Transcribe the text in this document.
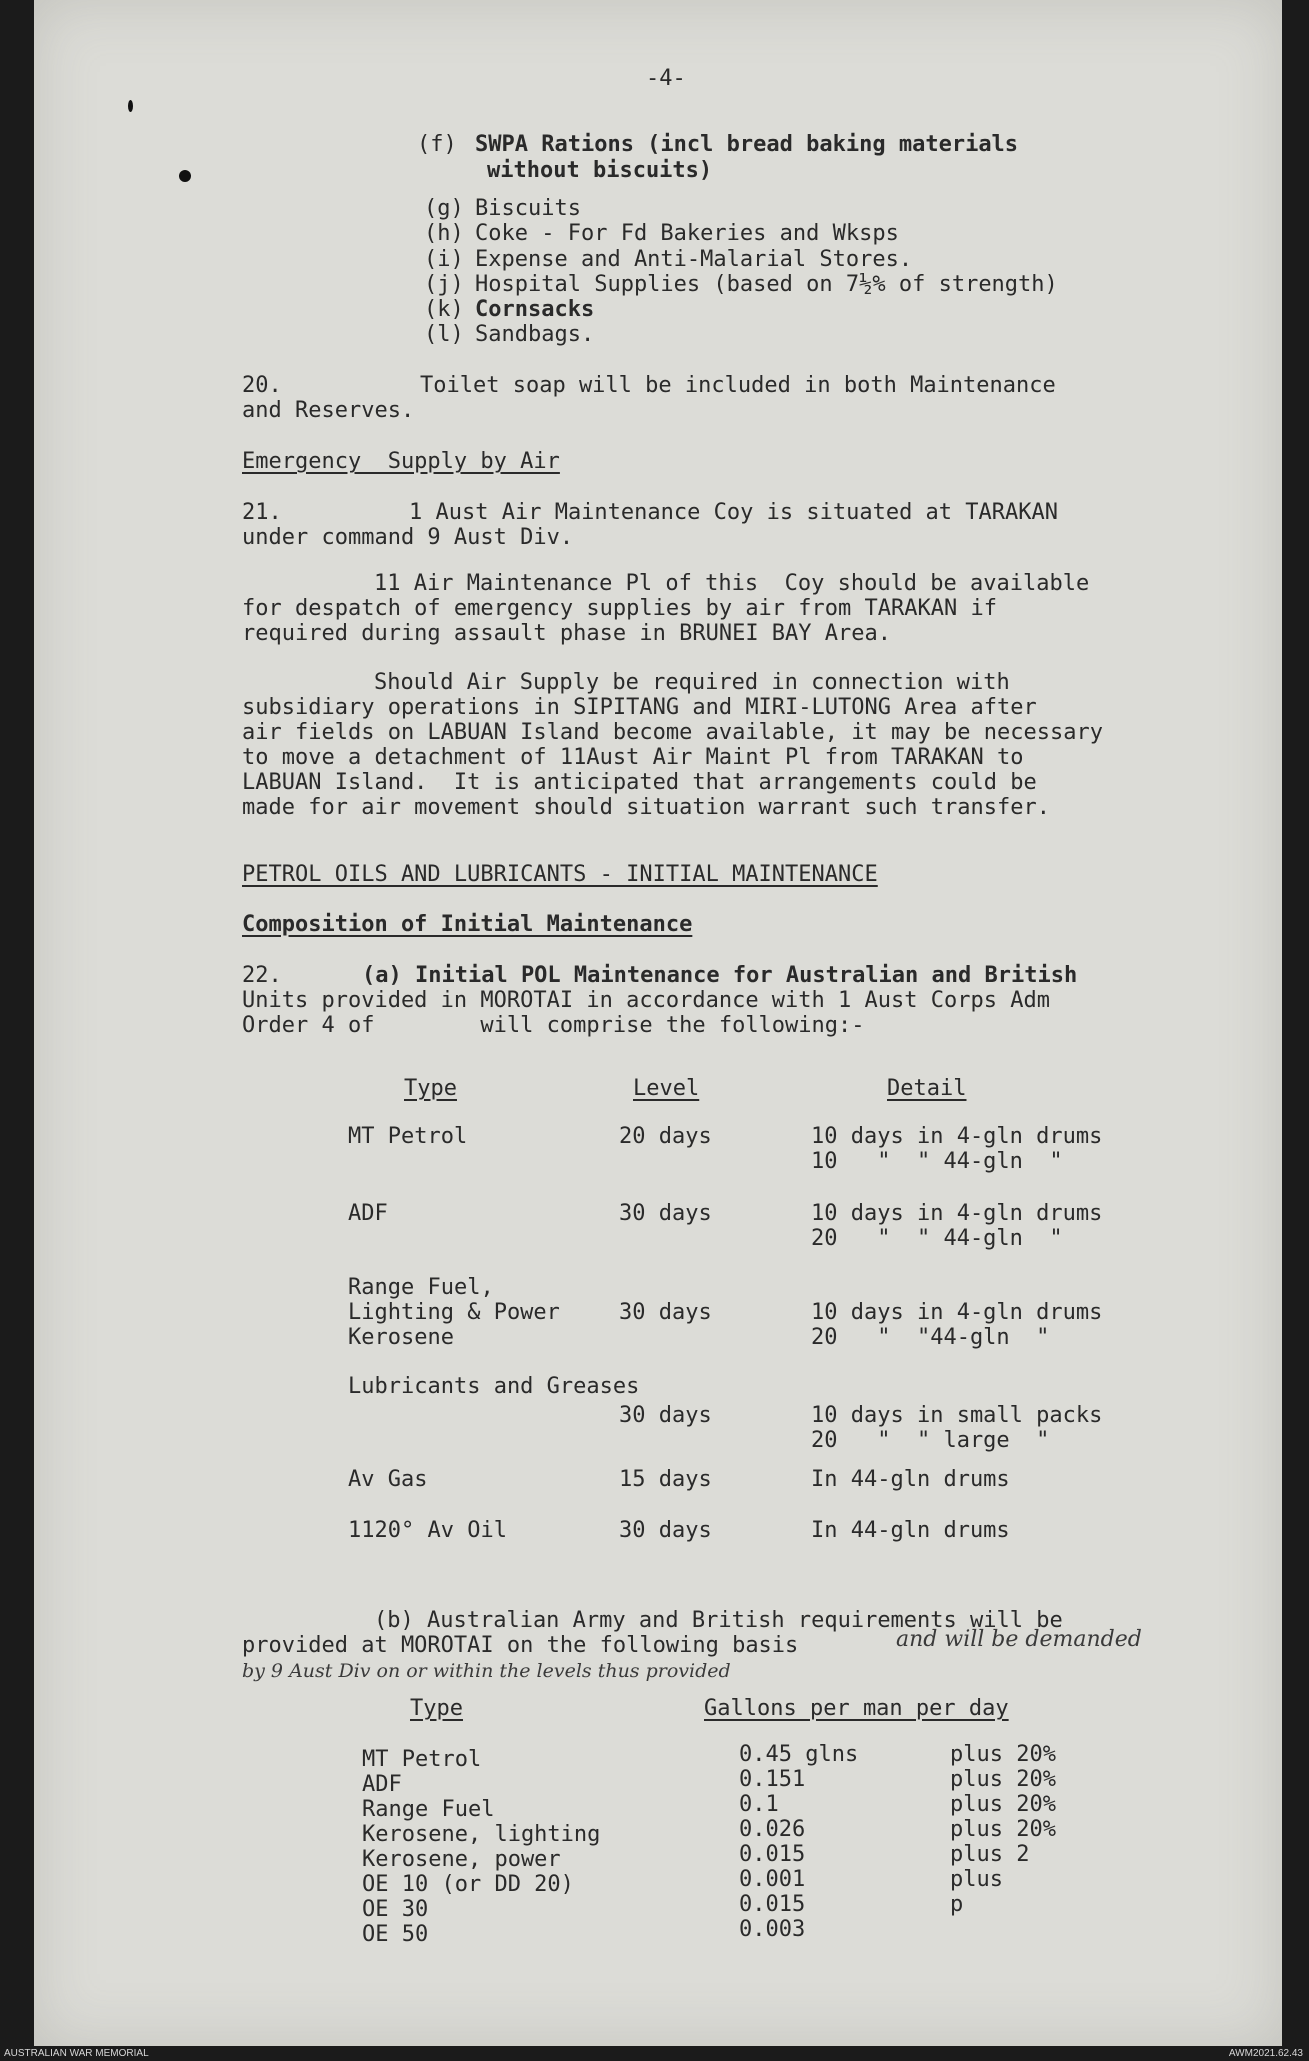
-4-
(f) SWPA Rations (incl bread baking materials
without biscuits)
(g) Biscuits
(h) Coke - For Fd Bakeries and Wksps
(i) Expense and Anti-Malarial Stores.
(j) Hospital Supplies (based on 7½% of strength)
(k) Cornsacks
(l) Sandbags.
20.	Toilet soap will be included in both Maintenance
and Reserves.
Emergency  Supply by Air
21.	1 Aust Air Maintenance Coy is situated at TARAKAN
under command 9 Aust Div.
11 Air Maintenance Pl of this  Coy should be available
for despatch of emergency supplies by air from TARAKAN if
required during assault phase in BRUNEI BAY Area.
Should Air Supply be required in connection with
subsidiary operations in SIPITANG and MIRI-LUTONG Area after
air fields on LABUAN Island become available, it may be necessary
to move a detachment of 11Aust Air Maint Pl from TARAKAN to
LABUAN Island.  It is anticipated that arrangements could be
made for air movement should situation warrant such transfer.
PETROL OILS AND LUBRICANTS - INITIAL MAINTENANCE
Composition of Initial Maintenance
22.	(a) Initial POL Maintenance for Australian and British
Units provided in MOROTAI in accordance with 1 Aust Corps Adm
Order 4 of        will comprise the following:-
Type	Level	Detail
MT Petrol	20 days	10 days in 4-gln drums
10   "  " 44-gln  "
ADF	30 days	10 days in 4-gln drums
20   "  " 44-gln  "
Range Fuel,
Lighting & Power
Kerosene
30 days	10 days in 4-gln drums
20   "  "44-gln  "
Lubricants and Greases
30 days	10 days in small packs
20   "  " large  "
Av Gas	15 days	In 44-gln drums
1120° Av Oil	30 days	In 44-gln drums
(b) Australian Army and British requirements will be
provided at MOROTAI on the following basis	and will be demanded
by 9 Aust Div on or within the levels thus provided
Type	Gallons per man per day
MT Petrol	0.45 glns	plus 20%
ADF	0.151	plus 20%
Range Fuel	0.1	plus 20%
Kerosene, lighting	0.026	plus 20%
Kerosene, power	0.015	plus 2
OE 10 (or DD 20)	0.001	plus
OE 30	0.015	p
OE 50	0.003
AUSTRALIAN WAR MEMORIAL	AWM2021.62.43
